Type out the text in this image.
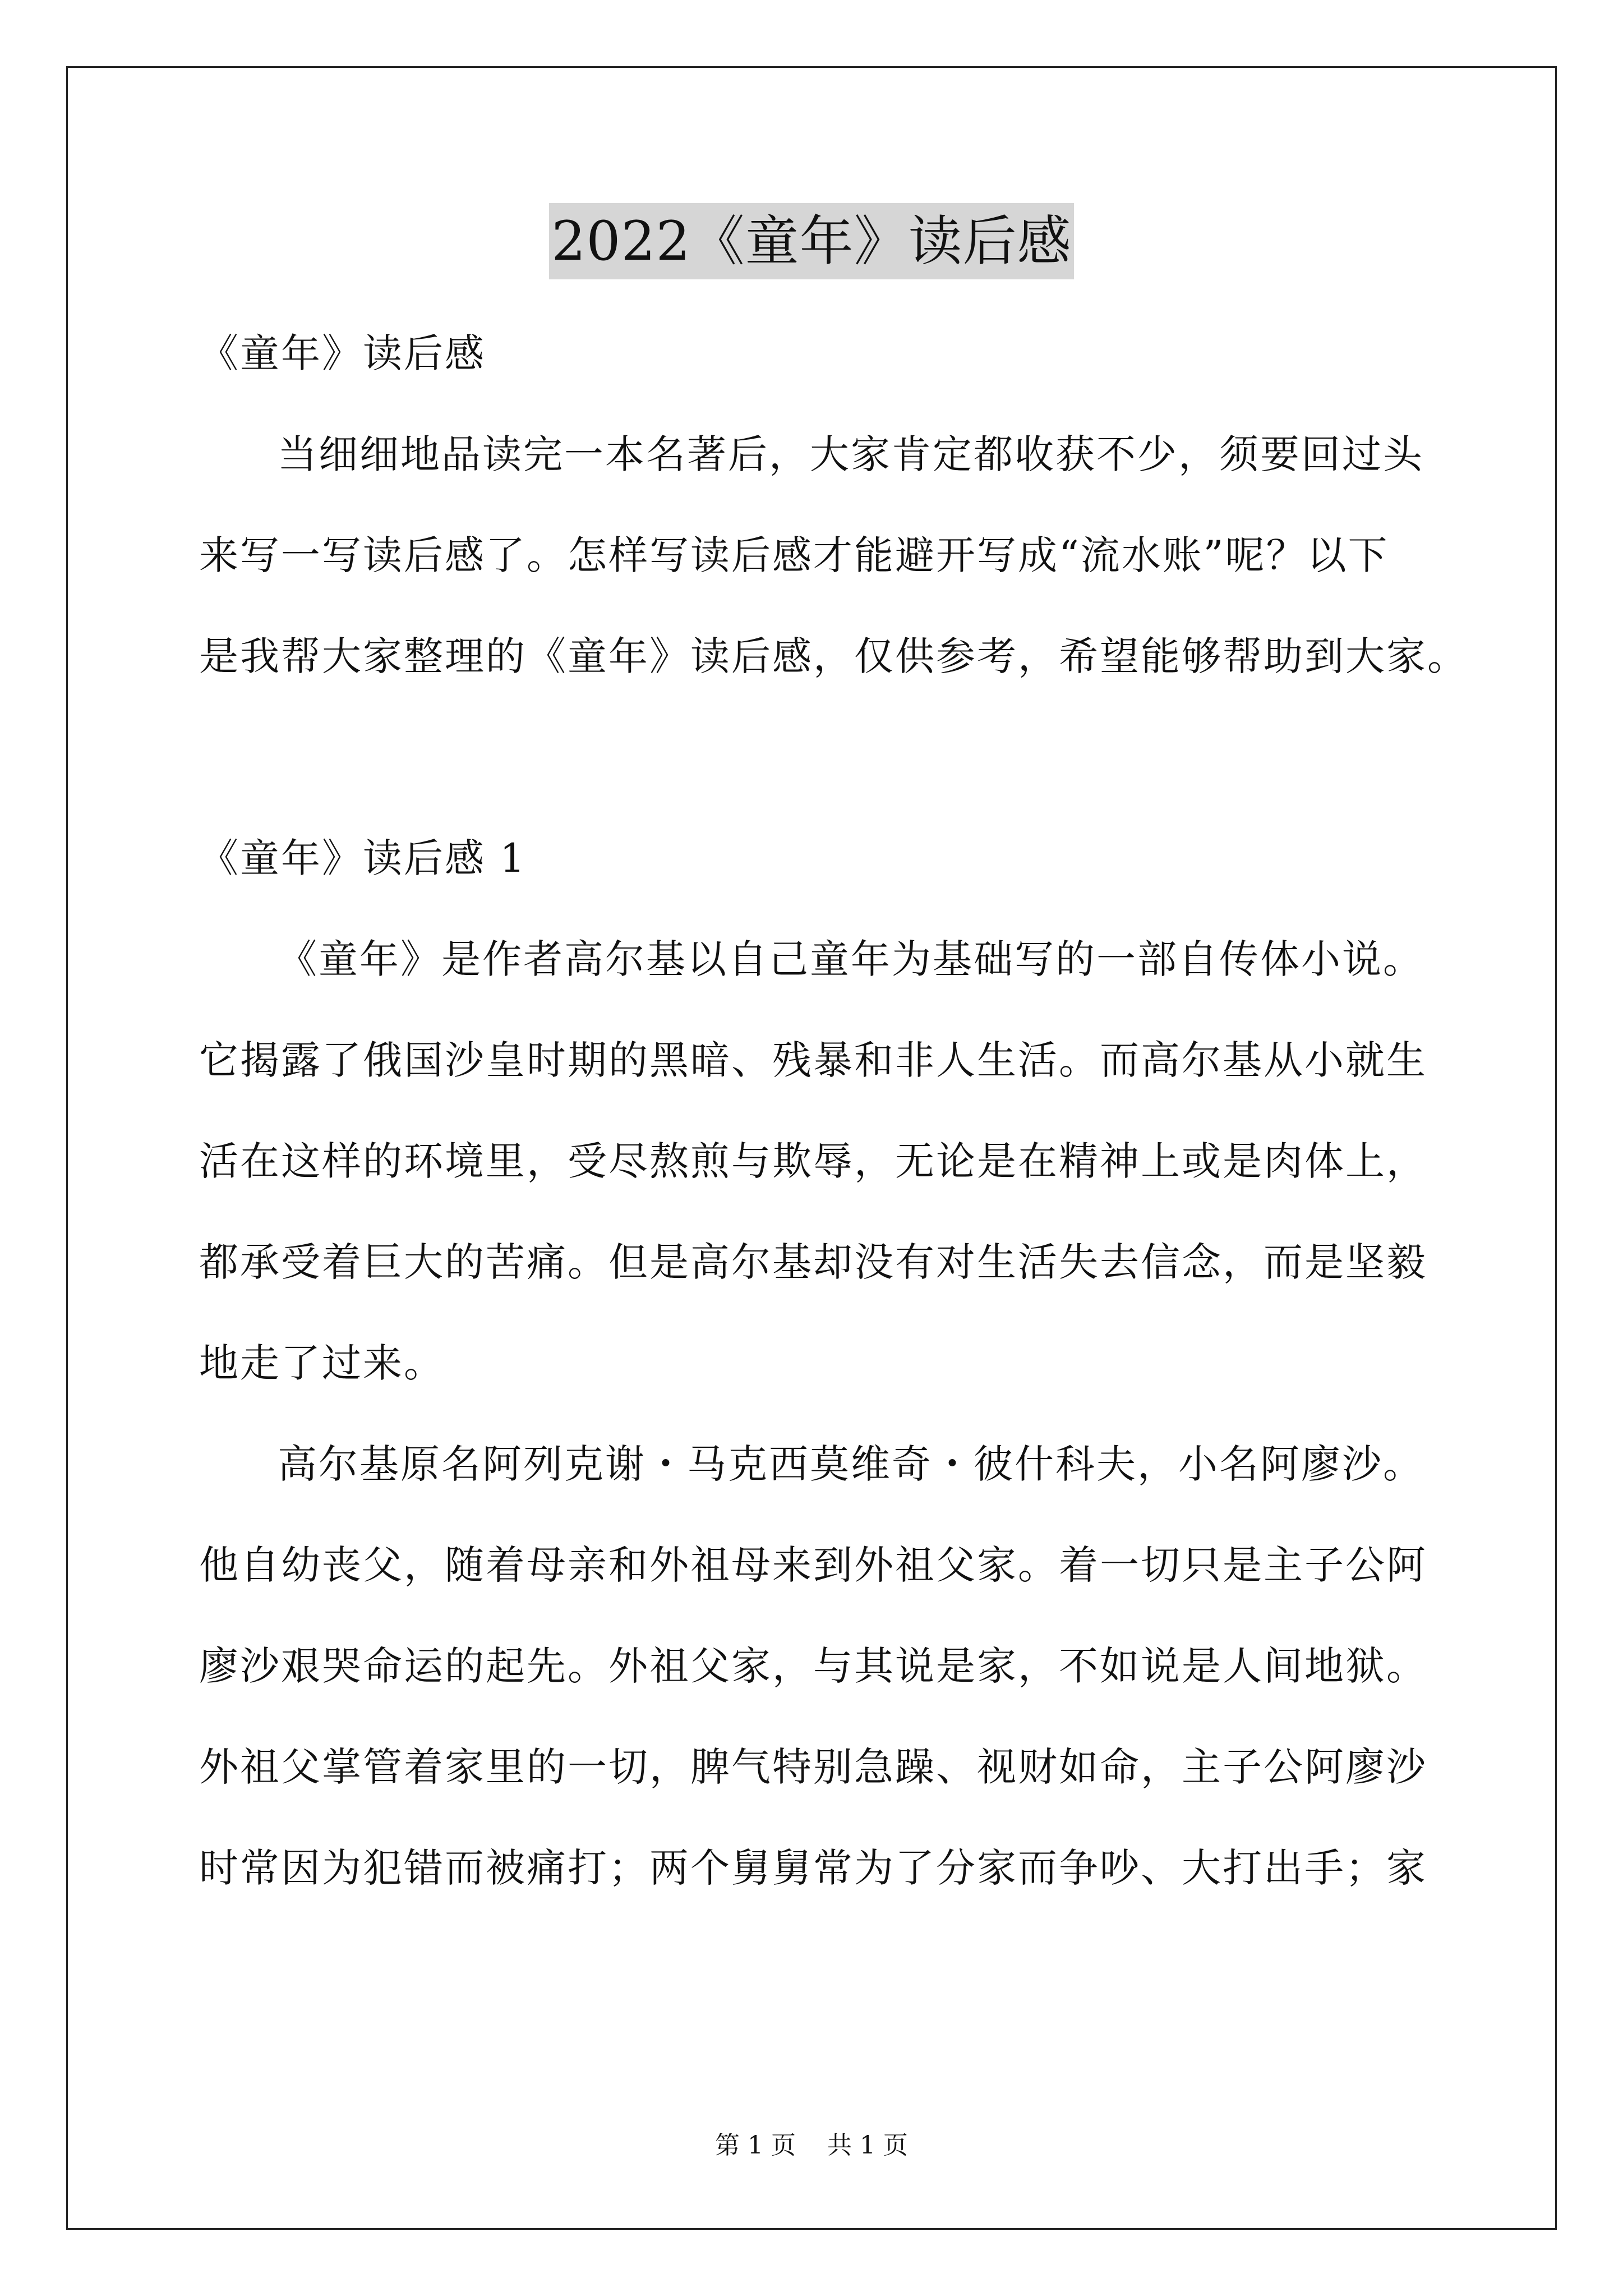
2022《童年》读后感
《童年》读后感
当细细地品读完一本名著后，大家肯定都收获不少，须要回过头
来写一写读后感了。怎样写读后感才能避开写成“流水账”呢？以下
是我帮大家整理的《童年》读后感，仅供参考，希望能够帮助到大家。
《童年》读后感 1
《童年》是作者高尔基以自己童年为基础写的一部自传体小说。
它揭露了俄国沙皇时期的黑暗、残暴和非人生活。而高尔基从小就生
活在这样的环境里，受尽熬煎与欺辱，无论是在精神上或是肉体上，
都承受着巨大的苦痛。但是高尔基却没有对生活失去信念，而是坚毅
地走了过来。
高尔基原名阿列克谢・马克西莫维奇・彼什科夫，小名阿廖沙。
他自幼丧父，随着母亲和外祖母来到外祖父家。着一切只是主子公阿
廖沙艰哭命运的起先。外祖父家，与其说是家，不如说是人间地狱。
外祖父掌管着家里的一切，脾气特别急躁、视财如命，主子公阿廖沙
时常因为犯错而被痛打；两个舅舅常为了分家而争吵、大打出手；家
第 1 页    共 1 页
